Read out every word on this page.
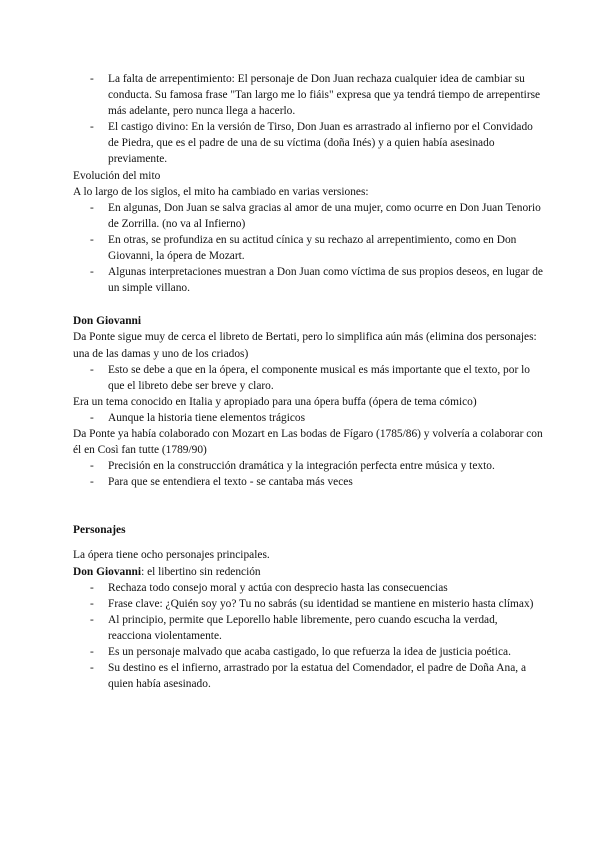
- La falta de arrepentimiento: El personaje de Don Juan rechaza cualquier idea de cambiar su conducta. Su famosa frase "Tan largo me lo fiáis" expresa que ya tendrá tiempo de arrepentirse más adelante, pero nunca llega a hacerlo.
- El castigo divino: En la versión de Tirso, Don Juan es arrastrado al infierno por el Convidado de Piedra, que es el padre de una de su víctima (doña Inés) y a quien había asesinado previamente.

Evolución del mito

A lo largo de los siglos, el mito ha cambiado en varias versiones:

- En algunas, Don Juan se salva gracias al amor de una mujer, como ocurre en Don Juan Tenorio de Zorrilla. (no va al Infierno)
- En otras, se profundiza en su actitud cínica y su rechazo al arrepentimiento, como en Don Giovanni, la ópera de Mozart.
- Algunas interpretaciones muestran a Don Juan como víctima de sus propios deseos, en lugar de un simple villano.

Don Giovanni

Da Ponte sigue muy de cerca el libreto de Bertati, pero lo simplifica aún más (elimina dos personajes: una de las damas y uno de los criados)

- Esto se debe a que en la ópera, el componente musical es más importante que el texto, por lo que el libreto debe ser breve y claro.

Era un tema conocido en Italia y apropiado para una ópera buffa (ópera de tema cómico)

- Aunque la historia tiene elementos trágicos

Da Ponte ya había colaborado con Mozart en Las bodas de Fígaro (1785/86) y volvería a colaborar con él en Così fan tutte (1789/90)

- Precisión en la construcción dramática y la integración perfecta entre música y texto.
- Para que se entendiera el texto - se cantaba más veces

Personajes

La ópera tiene ocho personajes principales.

Don Giovanni: el libertino sin redención

- Rechaza todo consejo moral y actúa con desprecio hasta las consecuencias
- Frase clave: ¿Quién soy yo? Tu no sabrás (su identidad se mantiene en misterio hasta clímax)
- Al principio, permite que Leporello hable libremente, pero cuando escucha la verdad, reacciona violentamente.
- Es un personaje malvado que acaba castigado, lo que refuerza la idea de justicia poética.
- Su destino es el infierno, arrastrado por la estatua del Comendador, el padre de Doña Ana, a quien había asesinado.
